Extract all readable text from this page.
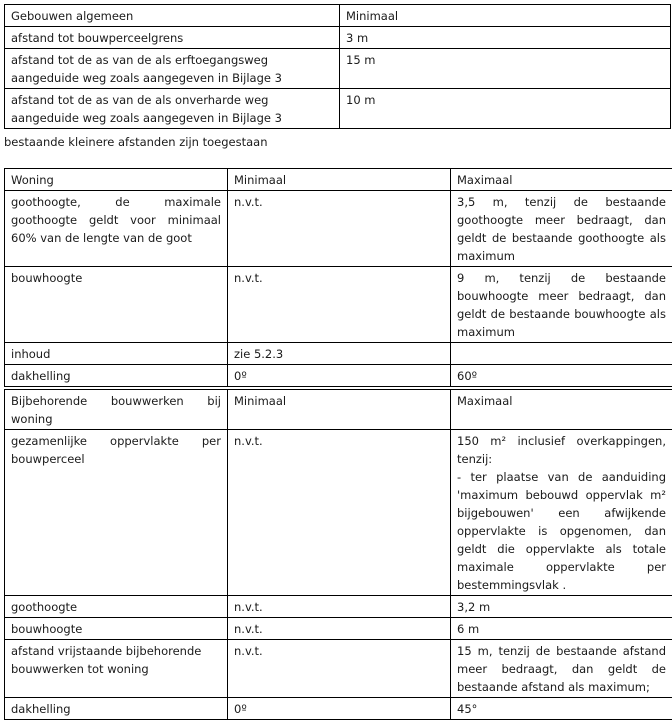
Gebouwen algemeen	Minimaal
afstand tot bouwperceelgrens	3 m
afstand tot de as van de als erftoegangsweg aangeduide weg zoals aangegeven in Bijlage 3	15 m
afstand tot de as van de als onverharde weg aangeduide weg zoals aangegeven in Bijlage 3	10 m
bestaande kleinere afstanden zijn toegestaan
Woning	Minimaal	Maximaal
goothoogte, de maximale goothoogte geldt voor minimaal 60% van de lengte van de goot	n.v.t.	3,5 m, tenzij de bestaande goothoogte meer bedraagt, dan geldt de bestaande goothoogte als maximum
bouwhoogte	n.v.t.	9 m, tenzij de bestaande bouwhoogte meer bedraagt, dan geldt de bestaande bouwhoogte als maximum
inhoud	zie 5.2.3	
dakhelling	0º	60º
Bijbehorende bouwwerken bij woning	Minimaal	Maximaal
gezamenlijke oppervlakte per bouwperceel	n.v.t.	150 m² inclusief overkappingen, tenzij:
- ter plaatse van de aanduiding 'maximum bebouwd oppervlak m² bijgebouwen' een afwijkende oppervlakte is opgenomen, dan geldt die oppervlakte als totale maximale oppervlakte per bestemmingsvlak .
goothoogte	n.v.t.	3,2 m
bouwhoogte	n.v.t.	6 m
afstand vrijstaande bijbehorende bouwwerken tot woning	n.v.t.	15 m, tenzij de bestaande afstand meer bedraagt, dan geldt de bestaande afstand als maximum;
dakhelling	0º	45°
